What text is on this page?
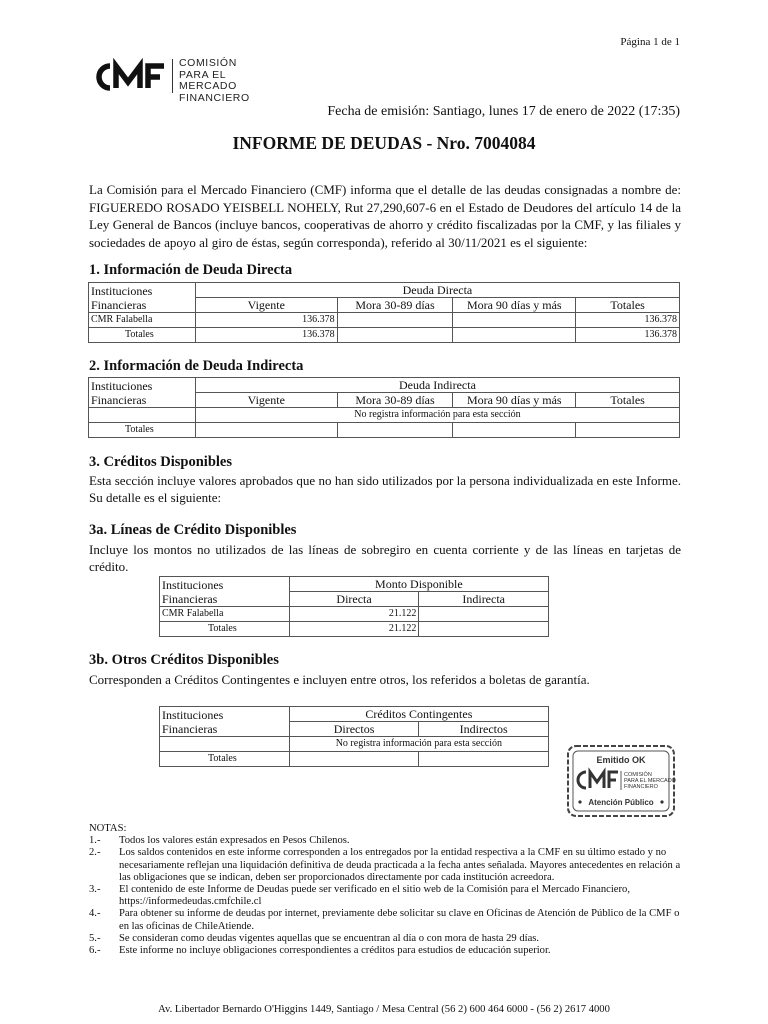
Página 1 de 1
COMISIÓN
PARA EL MERCADO
FINANCIERO
Fecha de emisión: Santiago, lunes 17 de enero de 2022 (17:35)
INFORME DE DEUDAS - Nro. 7004084
La Comisión para el Mercado Financiero (CMF) informa que el detalle de las deudas consignadas a nombre de: FIGUEREDO ROSADO YEISBELL NOHELY, Rut 27,290,607-6 en el Estado de Deudores del artículo 14 de la Ley General de Bancos (incluye bancos, cooperativas de ahorro y crédito fiscalizadas por la CMF, y las filiales y sociedades de apoyo al giro de éstas, según corresponda), referido al 30/11/2021 es el siguiente:
1. Información de Deuda Directa
Instituciones	Deuda Directa			
Financieras	Vigente	Mora 30-89 días	Mora 90 días y más	Totales
CMR Falabella	136.378			136.378
Totales	136.378			136.378
2. Información de Deuda Indirecta
Instituciones	Deuda Indirecta			
Financieras	Vigente	Mora 30-89 días	Mora 90 días y más	Totales
	No registra información para esta sección			
Totales				
3. Créditos Disponibles
Esta sección incluye valores aprobados que no han sido utilizados por la persona individualizada en este Informe. Su detalle es el siguiente:
3a. Líneas de Crédito Disponibles
Incluye los montos no utilizados de las líneas de sobregiro en cuenta corriente y de las líneas en tarjetas de crédito.
Instituciones	Monto Disponible	
Financieras	Directa	Indirecta
CMR Falabella	21.122	
Totales	21.122	
3b. Otros Créditos Disponibles
Corresponden a Créditos Contingentes e incluyen entre otros, los referidos a boletas de garantía.
Instituciones	Créditos Contingentes	
Financieras	Directos	Indirectos
	No registra información para esta sección	
Totales			Emitido OK
COMISIÓN
PARA EL MERCADO
FINANCIERO
Atención Público
NOTAS:
1.-	Todos los valores están expresados en Pesos Chilenos.
2.-	Los saldos contenidos en este informe corresponden a los entregados por la entidad respectiva a la CMF en su último estado y no necesariamente reflejan una liquidación definitiva de deuda practicada a la fecha antes señalada. Mayores antecedentes en relación a las obligaciones que se indican, deben ser proporcionados directamente por cada institución acreedora.
3.-	El contenido de este Informe de Deudas puede ser verificado en el sitio web de la Comisión para el Mercado Financiero, https://informedeudas.cmfchile.cl
4.-	Para obtener su informe de deudas por internet, previamente debe solicitar su clave en Oficinas de Atención de Público de la CMF o en las oficinas de ChileAtiende.
5.-	Se consideran como deudas vigentes aquellas que se encuentran al día o con mora de hasta 29 días.
6.-	Este informe no incluye obligaciones correspondientes a créditos para estudios de educación superior.
Av. Libertador Bernardo O'Higgins 1449, Santiago / Mesa Central (56 2) 600 464 6000 - (56 2) 2617 4000
